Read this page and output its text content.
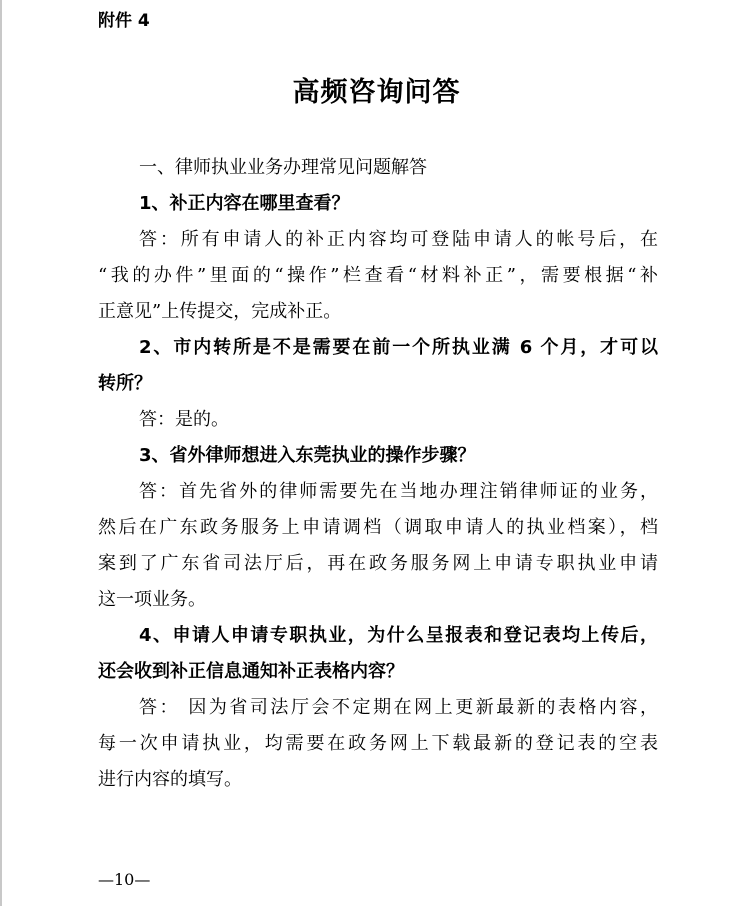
附件 4
高频咨询问答
一、律师执业业务办理常见问题解答
1、补正内容在哪里查看？
答：所有申请人的补正内容均可登陆申请人的帐号后，在
“我的办件”里面的“操作”栏查看“材料补正”，需要根据“补
正意见”上传提交，完成补正。
2、市内转所是不是需要在前一个所执业满 6 个月，才可以
转所？
答：是的。
3、省外律师想进入东莞执业的操作步骤？
答：首先省外的律师需要先在当地办理注销律师证的业务，
然后在广东政务服务上申请调档（调取申请人的执业档案），档
案到了广东省司法厅后，再在政务服务网上申请专职执业申请
这一项业务。
4、申请人申请专职执业，为什么呈报表和登记表均上传后，
还会收到补正信息通知补正表格内容？
答： 因为省司法厅会不定期在网上更新最新的表格内容，
每一次申请执业，均需要在政务网上下载最新的登记表的空表
进行内容的填写。
—10—
